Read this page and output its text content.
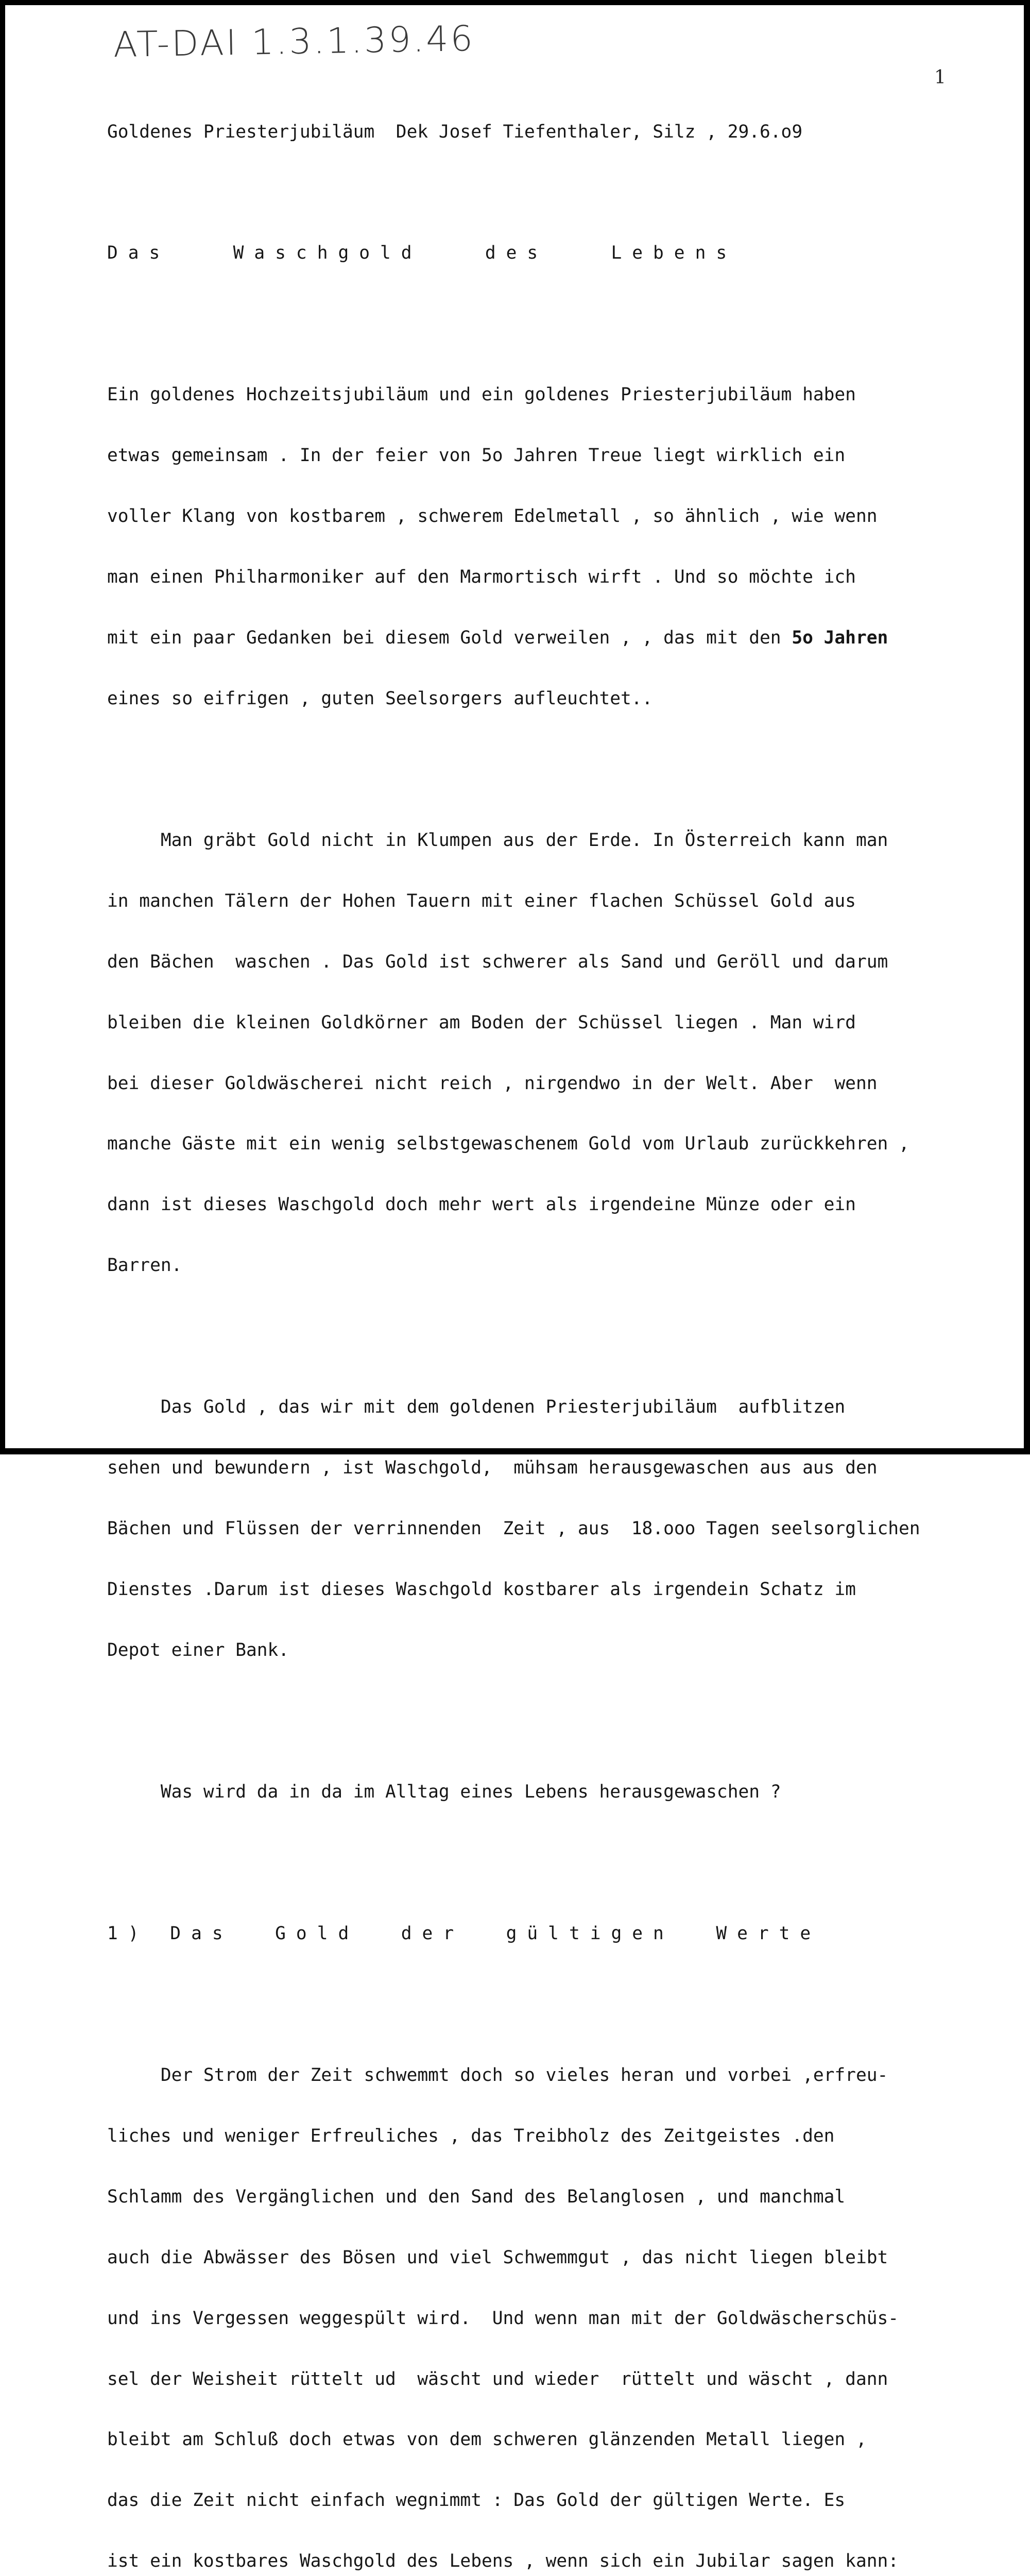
AT-DAI 1.3.1.39.46
1

Goldenes Priesterjubiläum  Dek Josef Tiefenthaler, Silz , 29.6.o9

Das   Waschgold   des   Lebens

Ein goldenes Hochzeitsjubiläum und ein goldenes Priesterjubiläum haben

etwas gemeinsam . In der feier von 5o Jahren Treue liegt wirklich ein

voller Klang von kostbarem , schwerem Edelmetall , so ähnlich , wie wenn

man einen Philharmoniker auf den Marmortisch wirft . Und so möchte ich

mit ein paar Gedanken bei diesem Gold verweilen , , das mit den 5o Jahren

eines so eifrigen , guten Seelsorgers aufleuchtet..

Man gräbt Gold nicht in Klumpen aus der Erde. In Österreich kann man

in manchen Tälern der Hohen Tauern mit einer flachen Schüssel Gold aus

den Bächen  waschen . Das Gold ist schwerer als Sand und Geröll und darum

bleiben die kleinen Goldkörner am Boden der Schüssel liegen . Man wird

bei dieser Goldwäscherei nicht reich , nirgendwo in der Welt. Aber  wenn

manche Gäste mit ein wenig selbstgewaschenem Gold vom Urlaub zurückkehren ,

dann ist dieses Waschgold doch mehr wert als irgendeine Münze oder ein

Barren.

Das Gold , das wir mit dem goldenen Priesterjubiläum  aufblitzen

sehen und bewundern , ist Waschgold,  mühsam herausgewaschen aus aus den

Bächen und Flüssen der verrinnenden  Zeit , aus  18.ooo Tagen seelsorglichen

Dienstes .Darum ist dieses Waschgold kostbarer als irgendein Schatz im

Depot einer Bank.

Was wird da in da im Alltag eines Lebens herausgewaschen ?

1) Das  Gold  der  gültigen  Werte

Der Strom der Zeit schwemmt doch so vieles heran und vorbei ,erfreu-

liches und weniger Erfreuliches , das Treibholz des Zeitgeistes .den

Schlamm des Vergänglichen und den Sand des Belanglosen , und manchmal

auch die Abwässer des Bösen und viel Schwemmgut , das nicht liegen bleibt

und ins Vergessen weggespült wird.  Und wenn man mit der Goldwäscherschüs-

sel der Weisheit rüttelt ud  wäscht und wieder  rüttelt und wäscht , dann

bleibt am Schluß doch etwas von dem schweren glänzenden Metall liegen ,

das die Zeit nicht einfach wegnimmt : Das Gold der gültigen Werte. Es

ist ein kostbares Waschgold des Lebens , wenn sich ein Jubilar sagen kann:
